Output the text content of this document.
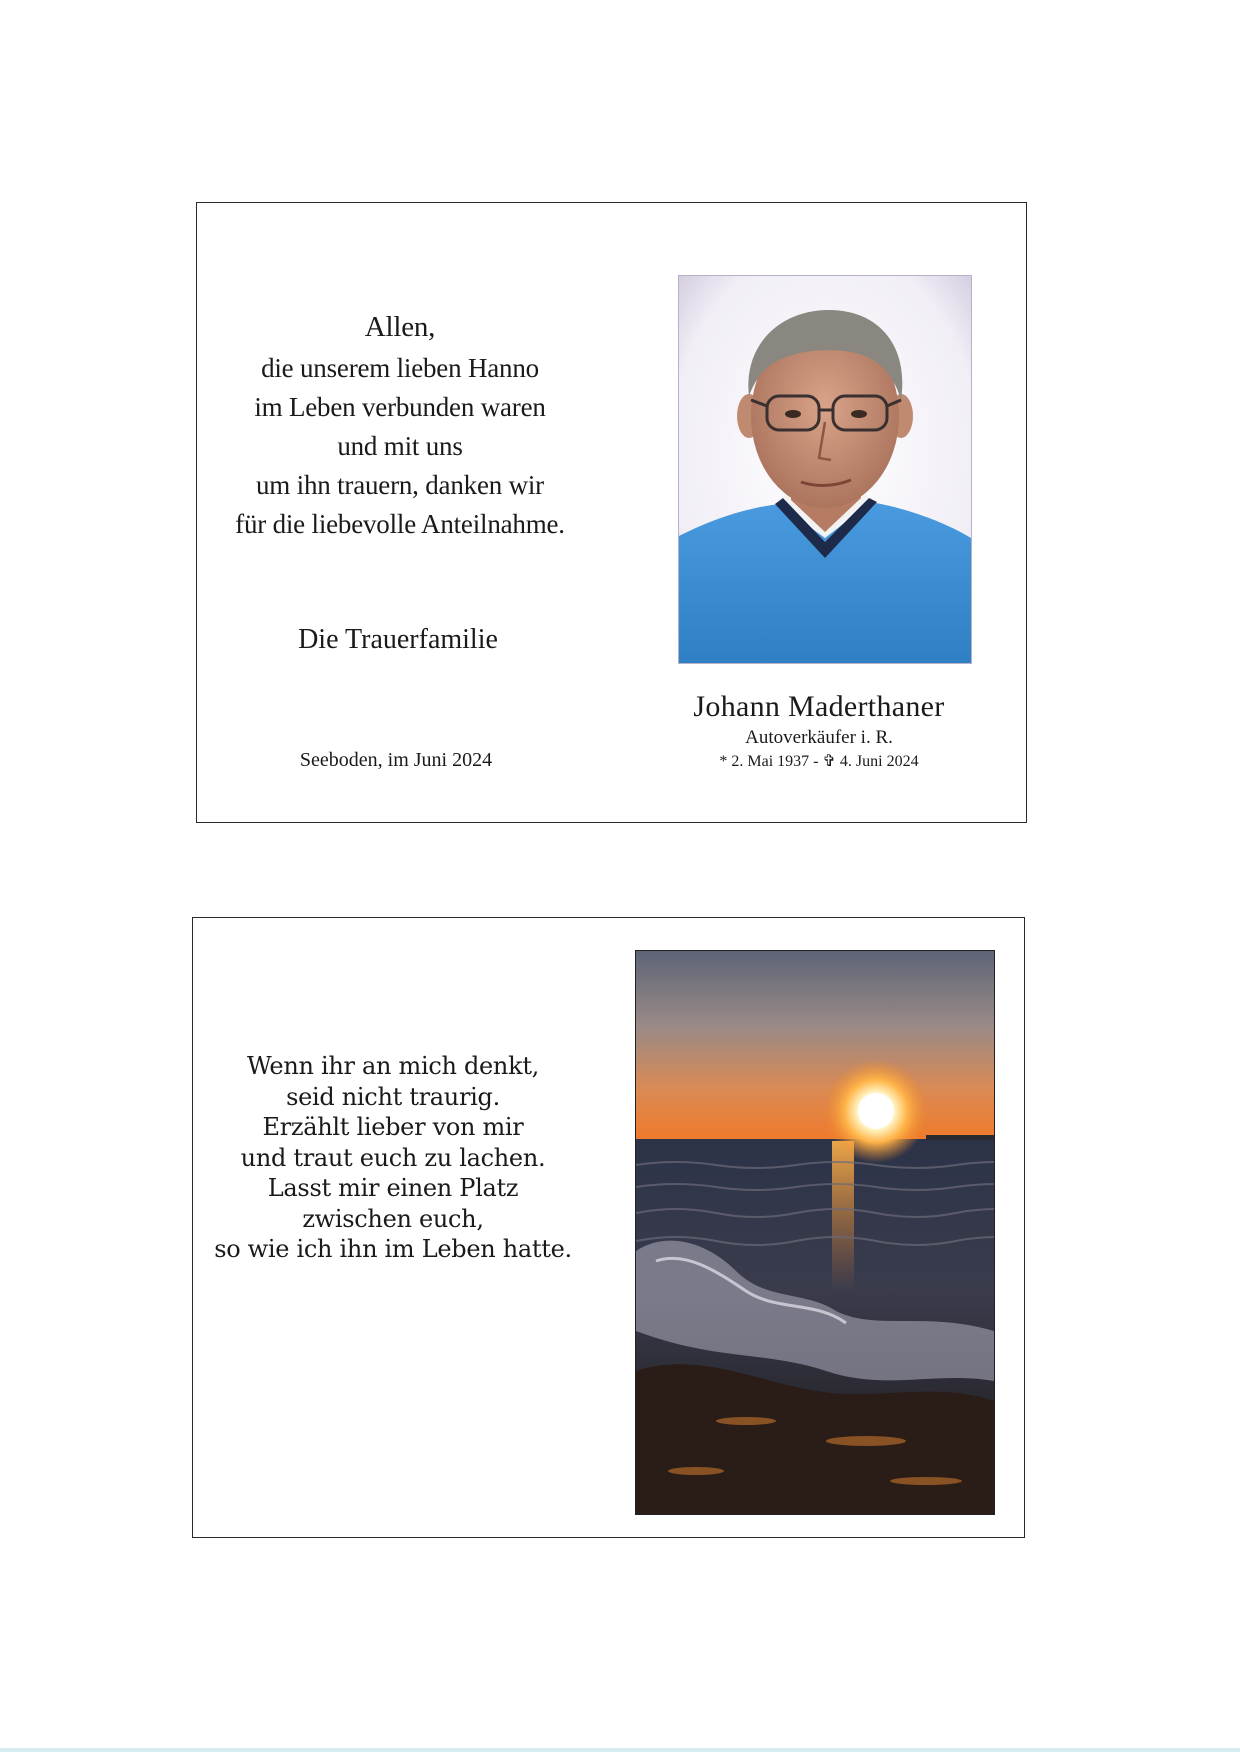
Allen,
die unserem lieben Hanno
im Leben verbunden waren
und mit uns
um ihn trauern, danken wir
für die liebevolle Anteilnahme.
Die Trauerfamilie
Seeboden, im Juni 2024
Johann Maderthaner
Autoverkäufer i. R.
* 2. Mai 1937 - ✞ 4. Juni 2024
Wenn ihr an mich denkt,
seid nicht traurig.
Erzählt lieber von mir
und traut euch zu lachen.
Lasst mir einen Platz
zwischen euch,
so wie ich ihn im Leben hatte.
